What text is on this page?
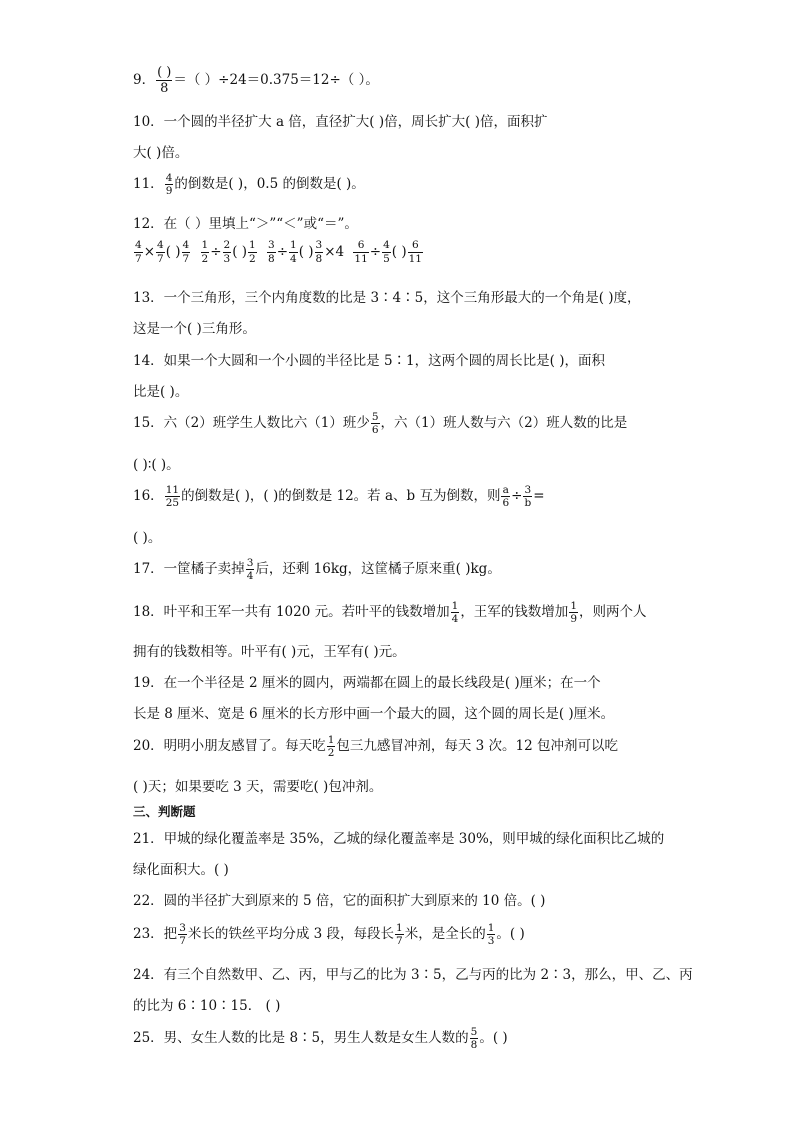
9． $\frac{( )}{8}$ ＝（ ）÷24＝0.375＝12÷（ ）。
10．一个圆的半径扩大 a 倍，直径扩大( )倍，周长扩大( )倍，面积扩
大( )倍。
11． $\frac{4}{9}$ 的倒数是( )，0.5 的倒数是( )。
12．在（ ）里填上“＞”“＜”或“＝”。
$\frac{4}{7} \times \frac{4}{7}$ ( ) $\frac{4}{7}$
$\frac{1}{2} \div \frac{2}{3}$ ( ) $\frac{1}{2}$
$\frac{3}{8} \div \frac{1}{4}$ ( ) $\frac{3}{8} \times 4 \frac{6}{11} \div \frac{4}{5}$ ( ) $\frac{6}{11}$
13．一个三角形，三个内角度数的比是 3∶4∶5，这个三角形最大的一个角是( )度，
这是一个( )三角形。
14．如果一个大圆和一个小圆的半径比是 5∶1，这两个圆的周长比是( )，面积
比是( )。
15．六（2）班学生人数比六（1）班少 $\frac{5}{6}$ ，六（1）班人数与六（2）班人数的比是
( )∶( )。
16． $\frac{11}{25}$ 的倒数是( )，( )的倒数是 12。若 a、b 互为倒数，则 $\frac{a}{6} \div \frac{3}{b}$ =
( )。
17．一筐橘子卖掉 $\frac{3}{4}$ 后，还剩 16kg，这筐橘子原来重( )kg。
18．叶平和王军一共有 1020 元。若叶平的钱数增加 $\frac{1}{4}$ ，王军的钱数增加 $\frac{1}{9}$ ，则两个人
拥有的钱数相等。叶平有( )元，王军有( )元。
19．在一个半径是 2 厘米的圆内，两端都在圆上的最长线段是( )厘米；在一个
长是 8 厘米、宽是 6 厘米的长方形中画一个最大的圆，这个圆的周长是( )厘米。
20．明明小朋友感冒了。每天吃 $\frac{1}{2}$ 包三九感冒冲剂，每天 3 次。12 包冲剂可以吃
( )天；如果要吃 3 天，需要吃( )包冲剂。
三、判断题
21．甲城的绿化覆盖率是 35%，乙城的绿化覆盖率是 30%，则甲城的绿化面积比乙城的
绿化面积大。( )
22．圆的半径扩大到原来的 5 倍，它的面积扩大到原来的 10 倍。( )
23．把 $\frac{3}{7}$ 米长的铁丝平均分成 3 段，每段长 $\frac{1}{7}$ 米，是全长的 $\frac{1}{3}$ 。( )
24．有三个自然数甲、乙、丙，甲与乙的比为 3∶5，乙与丙的比为 2∶3，那么，甲、乙、丙
的比为 6∶10∶15． ( )
25．男、女生人数的比是 8∶5，男生人数是女生人数的 $\frac{5}{8}$ 。( )
